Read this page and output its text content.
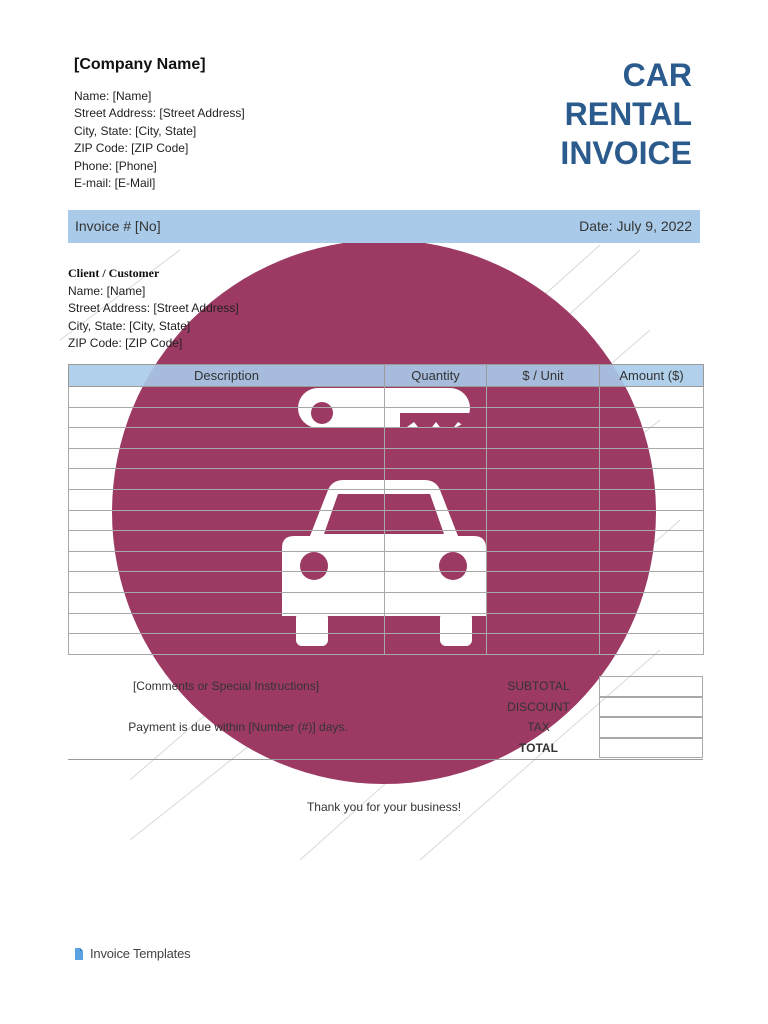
[Company Name]
Name: [Name]
Street Address: [Street Address]
City, State: [City, State]
ZIP Code: [ZIP Code]
Phone: [Phone]
E-mail: [E-Mail]
CAR
RENTAL
INVOICE
Invoice # [No]	Date: July 9, 2022
Client / Customer
Name: [Name]
Street Address: [Street Address]
City, State: [City, State]
ZIP Code: [ZIP Code]
Description	Quantity	$ / Unit	Amount ($)

[Comments or Special Instructions]
Payment is due within [Number (#)] days.
SUBTOTAL
DISCOUNT
TAX
TOTAL
Thank you for your business!
Invoice Templates
